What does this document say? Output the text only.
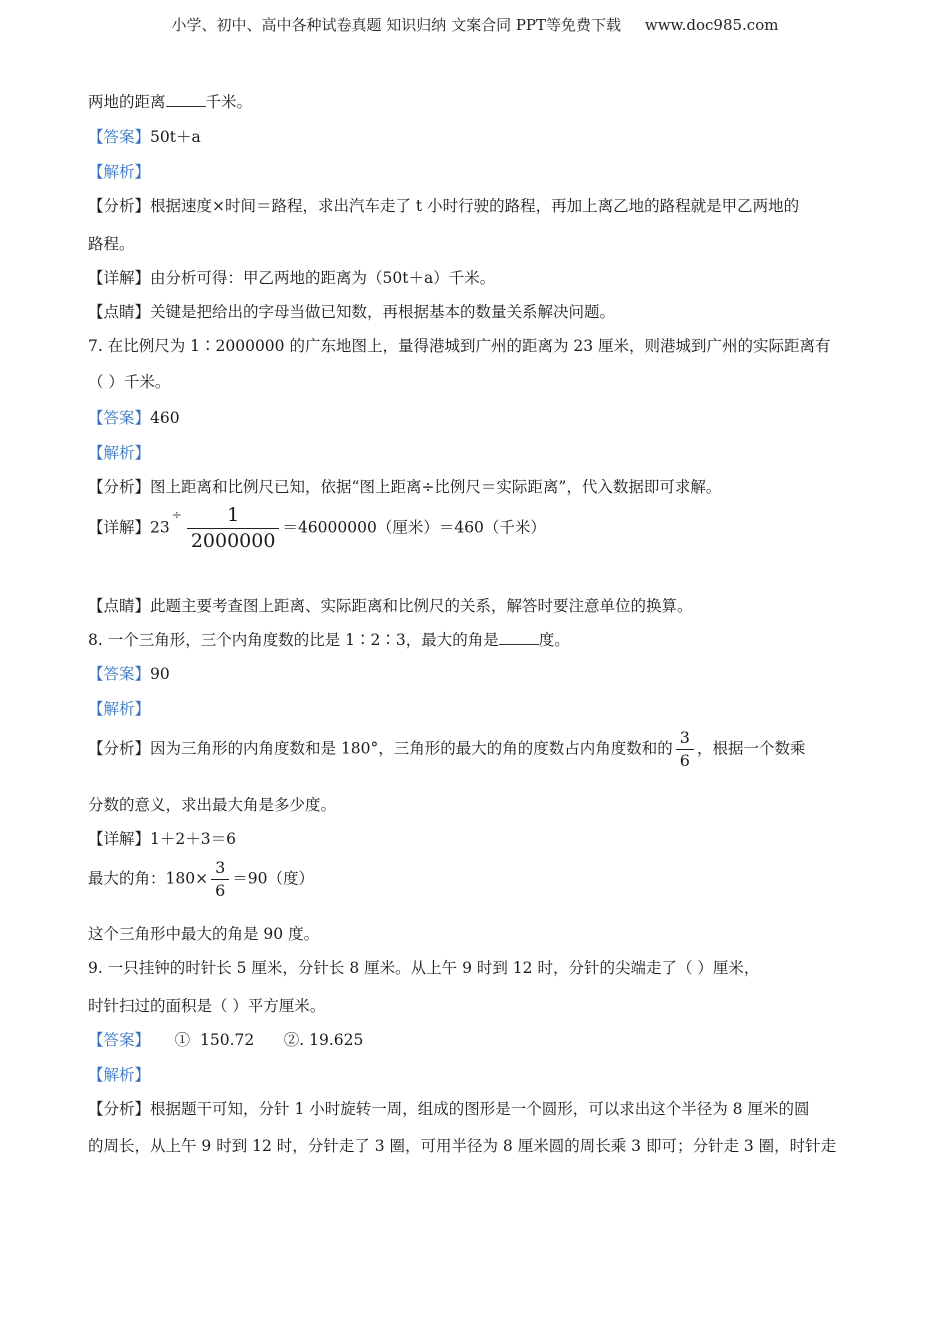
小学、初中、高中各种试卷真题 知识归纳 文案合同 PPT等免费下载     www.doc985.com
两地的距离	千米。
【答案】50t＋a
【解析】
【分析】根据速度×时间＝路程，求出汽车走了 t 小时行驶的路程，再加上离乙地的路程就是甲乙两地的
路程。
【详解】由分析可得：甲乙两地的距离为（50t＋a）千米。
【点睛】关键是把给出的字母当做已知数，再根据基本的数量关系解决问题。
7. 在比例尺为 1∶2000000 的广东地图上，量得港城到广州的距离为 23 厘米，则港城到广州的实际距离有
（ ）千米。
【答案】460
【解析】
【分析】图上距离和比例尺已知，依据“图上距离÷比例尺＝实际距离”，代入数据即可求解。
【详解】$23^\div \frac{1}{2000000} =46000000$（厘米）＝460（千米）
【点睛】此题主要考查图上距离、实际距离和比例尺的关系，解答时要注意单位的换算。
8. 一个三角形，三个内角度数的比是 1∶2∶3，最大的角是	度。
【答案】90
【解析】
【分析】因为三角形的内角度数和是 180°，三角形的最大的角的度数占内角度数和的 $\frac{3}{6}$ ，根据一个数乘
分数的意义，求出最大角是多少度。
【详解】1＋2＋3＝6
最大的角：$180\times \frac{3}{6} =90$（度）
这个三角形中最大的角是 90 度。
9. 一只挂钟的时针长 5 厘米，分针长 8 厘米。从上午 9 时到 12 时，分针的尖端走了（ ）厘米，
时针扫过的面积是（ ）平方厘米。
【答案】     ①  150.72      ②. 19.625
【解析】
【分析】根据题干可知，分针 1 小时旋转一周，组成的图形是一个圆形，可以求出这个半径为 8 厘米的圆
的周长，从上午 9 时到 12 时，分针走了 3 圈，可用半径为 8 厘米圆的周长乘 3 即可；分针走 3 圈，时针走
